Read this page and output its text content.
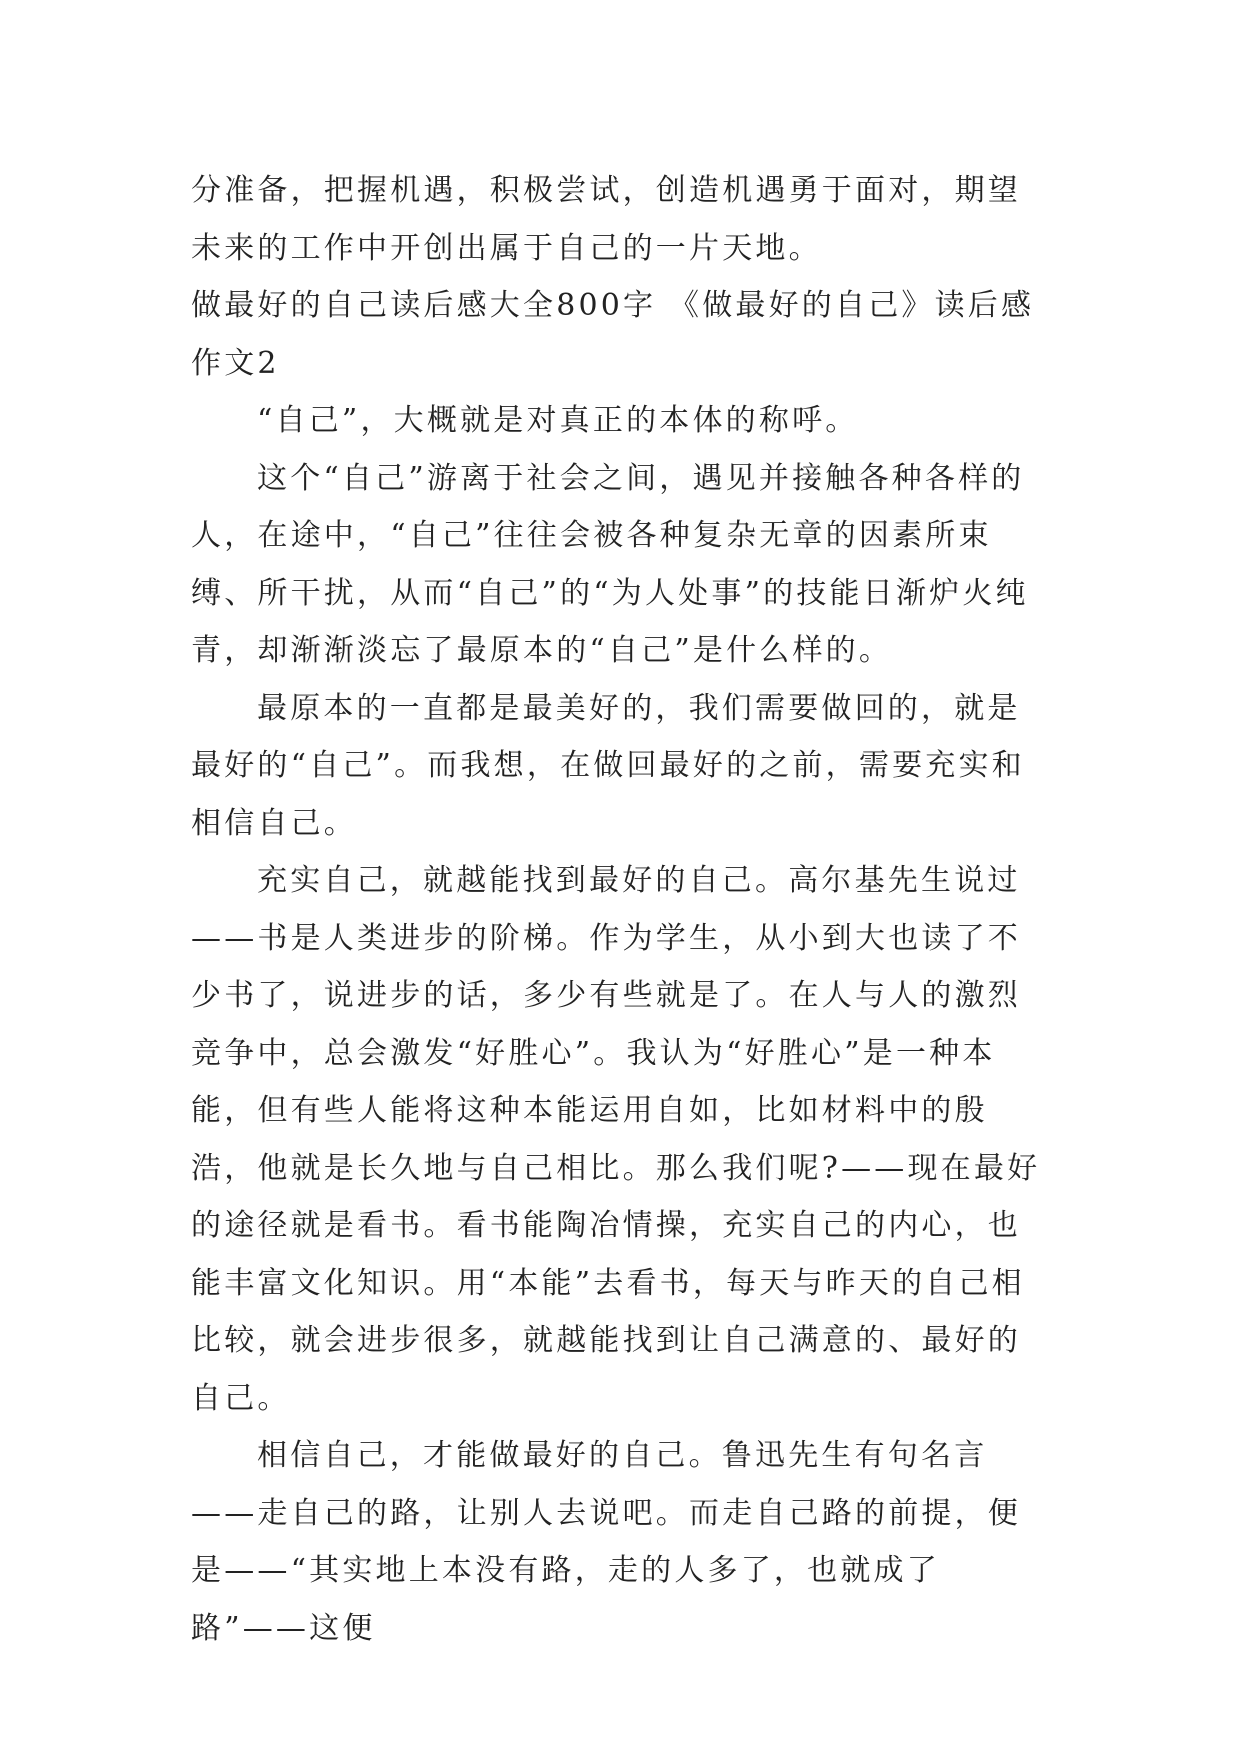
分准备，把握机遇，积极尝试，创造机遇勇于面对，期望未来的工作中开创出属于自己的一片天地。

做最好的自己读后感大全800字 《做最好的自己》读后感作文2

“自己”，大概就是对真正的本体的称呼。

这个“自己”游离于社会之间，遇见并接触各种各样的人，在途中，“自己”往往会被各种复杂无章的因素所束缚、所干扰，从而“自己”的“为人处事”的技能日渐炉火纯青，却渐渐淡忘了最原本的“自己”是什么样的。

最原本的一直都是最美好的，我们需要做回的，就是最好的“自己”。而我想，在做回最好的之前，需要充实和相信自己。

充实自己，就越能找到最好的自己。高尔基先生说过——书是人类进步的阶梯。作为学生，从小到大也读了不少书了，说进步的话，多少有些就是了。在人与人的激烈竞争中，总会激发“好胜心”。我认为“好胜心”是一种本能，但有些人能将这种本能运用自如，比如材料中的殷浩，他就是长久地与自己相比。那么我们呢?——现在最好的途径就是看书。看书能陶冶情操，充实自己的内心，也能丰富文化知识。用“本能”去看书，每天与昨天的自己相比较，就会进步很多，就越能找到让自己满意的、最好的自己。

相信自己，才能做最好的自己。鲁迅先生有句名言——走自己的路，让别人去说吧。而走自己路的前提，便是——“其实地上本没有路，走的人多了，也就成了路”——这便
